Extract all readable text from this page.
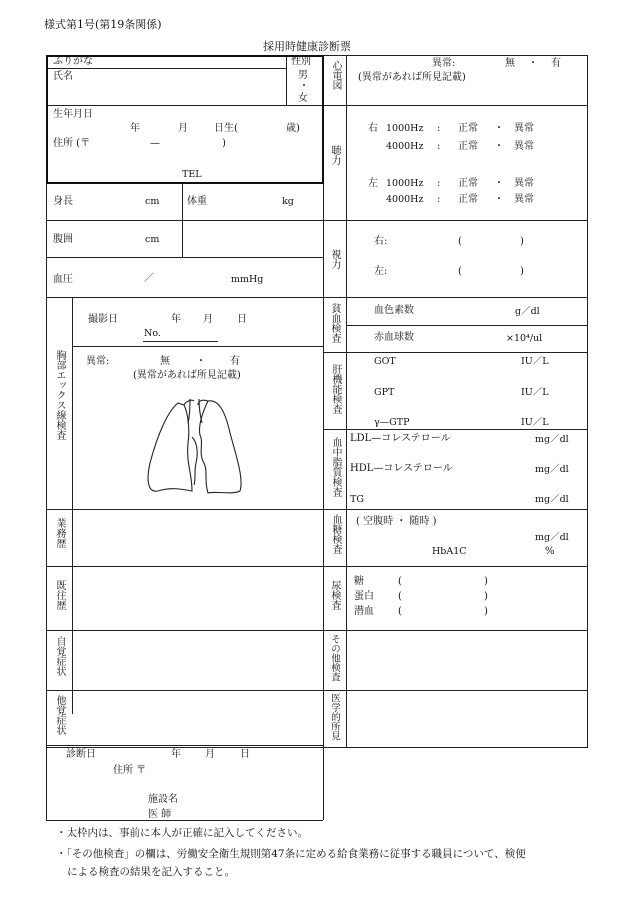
様式第1号(第19条関係)
採用時健康診断票
ふりがな	性別
氏名	男
・
女
生年月日
年	月	日生(	歳)
住所 (〒	—	)
TEL
身長	cm	体重	kg
腹囲	cm
血圧	／	mmHg
心電図	異常:	無 ・ 有
(異常があれば所見記載)
聴力
右 1000Hz : 正常 ・ 異常
4000Hz : 正常 ・ 異常
左 1000Hz : 正常 ・ 異常
4000Hz : 正常 ・ 異常
視力
右:	(	)
左:	(	)
胸部エックス線検査
撮影日	年 月 日
No.
異常:	無	・ 有
(異常があれば所見記載)
貧血検査	血色素数	g／dl
赤血球数	×10⁴/ul
肝機能検査
GOT	IU／L
GPT	IU／L
γ—GTP	IU／L
血中脂質検査 LDL—コレステロール	mg／dl
HDL—コレステロール	mg／dl
TG	mg／dl
血糖検査 ( 空腹時 ・ 随時 )
mg／dl
HbA1C	%
尿検査 糖	(	)
蛋白 (	)
潜血 (	)
業務歴
既往歴
自覚症状
他覚症状
その他検査
医学的所見
診断日	年 月	日
住所 〒
施設名
医 師
・太枠内は、事前に本人が正確に記入してください。
・「その他検査」の欄は、労働安全衛生規則第47条に定める給食業務に従事する職員について、検便
による検査の結果を記入すること。
